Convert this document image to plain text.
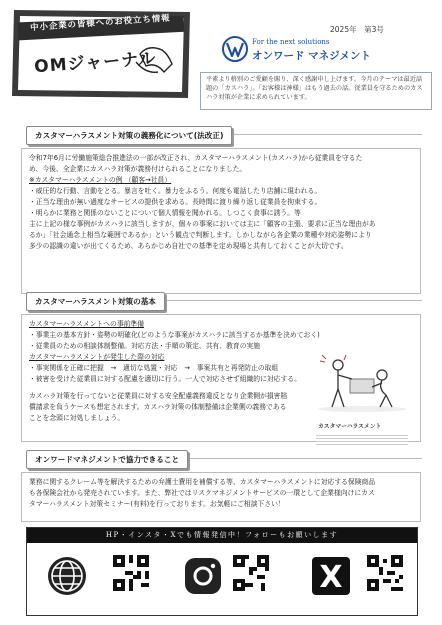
中小企業の皆様へのお役立ち情報
OMジャーナル
2025年　第3号
For the next solutions
オンワード マネジメント
平素より格別のご愛顧を賜り、深く感謝申し上げます。今月のテーマは最近話題の「カスハラ」。「お客様は神様」はもう過去の話。従業員を守るためのカスハラ対策が企業に求められています。
カスタマーハラスメント対策の義務化について(法改正)
令和7年6月に労働施策総合推進法の一部が改正され、カスタマーハラスメント(カスハラ)から従業員を守るた
め、今後、全企業にカスハラ対策が義務付けられることになりました。
※カスタマーハラスメントの例 （顧客→社員）
・威圧的な行動、言動をとる。暴言を吐く。暴力をふるう。何度も電話したり店舗に現われる。
・正当な理由が無い過度なサービスの提供を求める。長時間に渡り繰り返し従業員を拘束する。
・明らかに業務と関係のないことについて個人情報を聞かれる。しつこく食事に誘う。等
主に上記の様な事例がカスハラに該当しますが、個々の事案においては主に「顧客の主張、要求に正当な理由があ
るか」「社会通念上相当な範囲であるか」という観点で判断します。しかしながら各企業の業種や対応姿勢により
多少の認識の違いが出てくるため、あらかじめ自社での基準を定め現場と共有しておくことが大切です。
カスタマーハラスメント対策の基本
カスタマーハラスメントへの事前準備
・事業主の基本方針・姿勢の明確化(どのような事案がカスハラに該当するか基準を決めておく)
・従業員のための相談体制整備。対応方法・手順の策定、共有、教育の実施
カスタマーハラスメントが発生した際の対応
・事実関係を正確に把握　→　適切な処置・対応　→　事案共有と再発防止の取組
・被害を受けた従業員に対する配慮を適切に行う。一人で対応させず組織的に対応する。
カスハラ対策を行ってないと従業員に対する安全配慮義務違反となり企業側が損害賠
償請求を負うケースも想定されます。カスハラ対策の体制整備は企業側の義務である
ことを念頭に対処しましょう。
カスタマーハラスメント
オンワードマネジメントで協力できること
業務に関するクレーム等を解決するための弁護士費用を補償する等、カスタマーハラスメントに対応する保険商品
も各保険会社から発売されています。また、弊社ではリスクマネジメントサービスの一環として企業様向けにカス
タマーハラスメント対策セミナー(有料)を行っております。お気軽にご相談下さい！
HP・インスタ・Xでも情報発信中！フォローもお願いします
X
